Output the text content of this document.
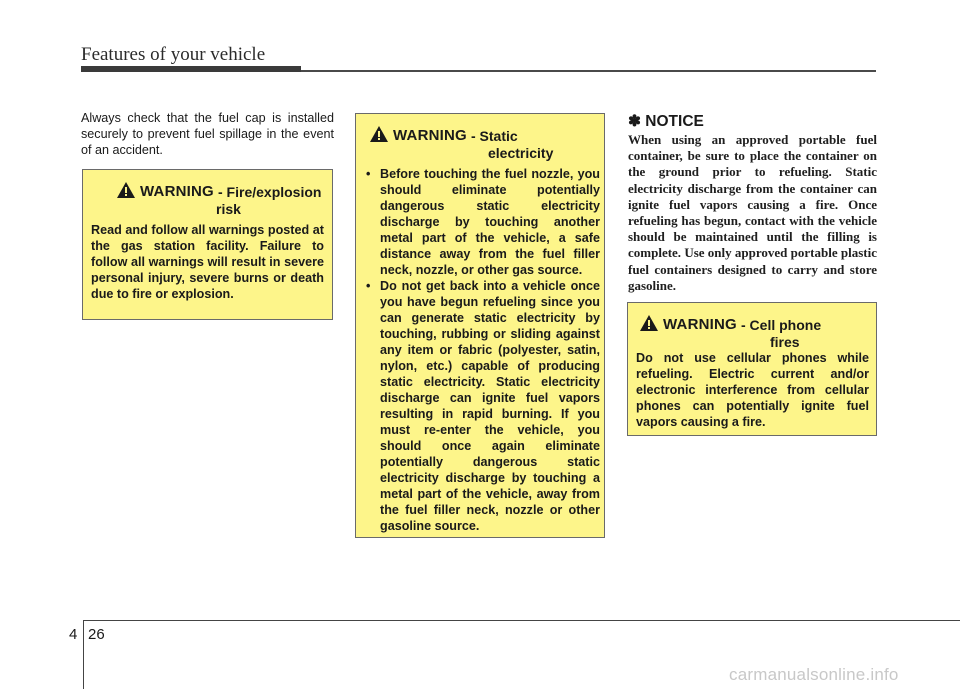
Features of your vehicle
Always check that the fuel cap is installed securely to prevent fuel spillage in the event of an accident.
WARNING - Fire/explosion
risk
Read and follow all warnings posted at the gas station facility. Failure to follow all warnings will result in severe personal injury, severe burns or death due to fire or explosion.
WARNING - Static
electricity
• Before touching the fuel nozzle, you should eliminate potentially dangerous static electricity discharge by touching another metal part of the vehicle, a safe distance away from the fuel filler neck, nozzle, or other gas source.
• Do not get back into a vehicle once you have begun refueling since you can generate static electricity by touching, rubbing or sliding against any item or fabric (polyester, satin, nylon, etc.) capable of producing static electricity. Static electricity discharge can ignite fuel vapors resulting in rapid burning. If you must re-enter the vehicle, you should once again eliminate potentially dangerous static electricity discharge by touching a metal part of the vehicle, away from the fuel filler neck, nozzle or other gasoline source.
✽ NOTICE
When using an approved portable fuel container, be sure to place the container on the ground prior to refueling. Static electricity discharge from the container can ignite fuel vapors causing a fire. Once refueling has begun, contact with the vehicle should be maintained until the filling is complete. Use only approved portable plastic fuel containers designed to carry and store gasoline.
WARNING - Cell phone
fires
Do not use cellular phones while refueling. Electric current and/or electronic interference from cellular phones can potentially ignite fuel vapors causing a fire.
4 26
carmanualsonline.info
